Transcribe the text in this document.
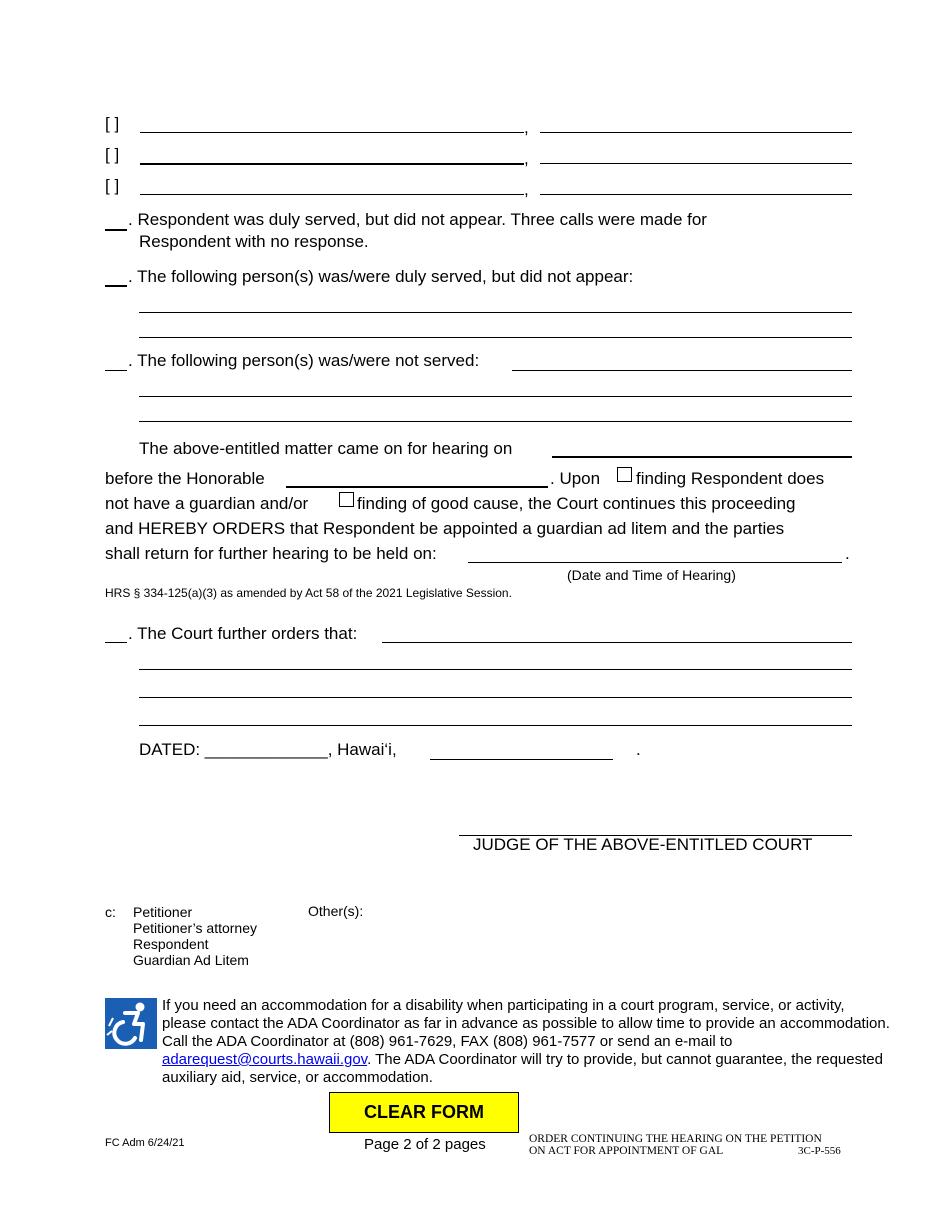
[ ]	,
[ ]	,
[ ]	,
. Respondent was duly served, but did not appear. Three calls were made for
Respondent with no response.
. The following person(s) was/were duly served, but did not appear:
. The following person(s) was/were not served:
The above-entitled matter came on for hearing on
before the Honorable	. Upon finding Respondent does
not have a guardian and/or	finding of good cause, the Court continues this proceeding
and HEREBY ORDERS that Respondent be appointed a guardian ad litem and the parties
shall return for further hearing to be held on:	.
(Date and Time of Hearing)
HRS § 334-125(a)(3) as amended by Act 58 of the 2021 Legislative Session.
. The Court further orders that:
DATED: _____________, Hawai‘i,	.
JUDGE OF THE ABOVE-ENTITLED COURT
c: Petitioner
Petitioner’s attorney
Respondent
Guardian Ad Litem
Other(s):
If you need an accommodation for a disability when participating in a court program, service, or activity,
please contact the ADA Coordinator as far in advance as possible to allow time to provide an accommodation.
Call the ADA Coordinator at (808) 961-7629, FAX (808) 961-7577 or send an e-mail to
adarequest@courts.hawaii.gov. The ADA Coordinator will try to provide, but cannot guarantee, the requested
auxiliary aid, service, or accommodation.
CLEAR FORM
FC Adm 6/24/21	Page 2 of 2 pages	ORDER CONTINUING THE HEARING ON THE PETITION
ON ACT FOR APPOINTMENT OF GAL	3C-P-556
